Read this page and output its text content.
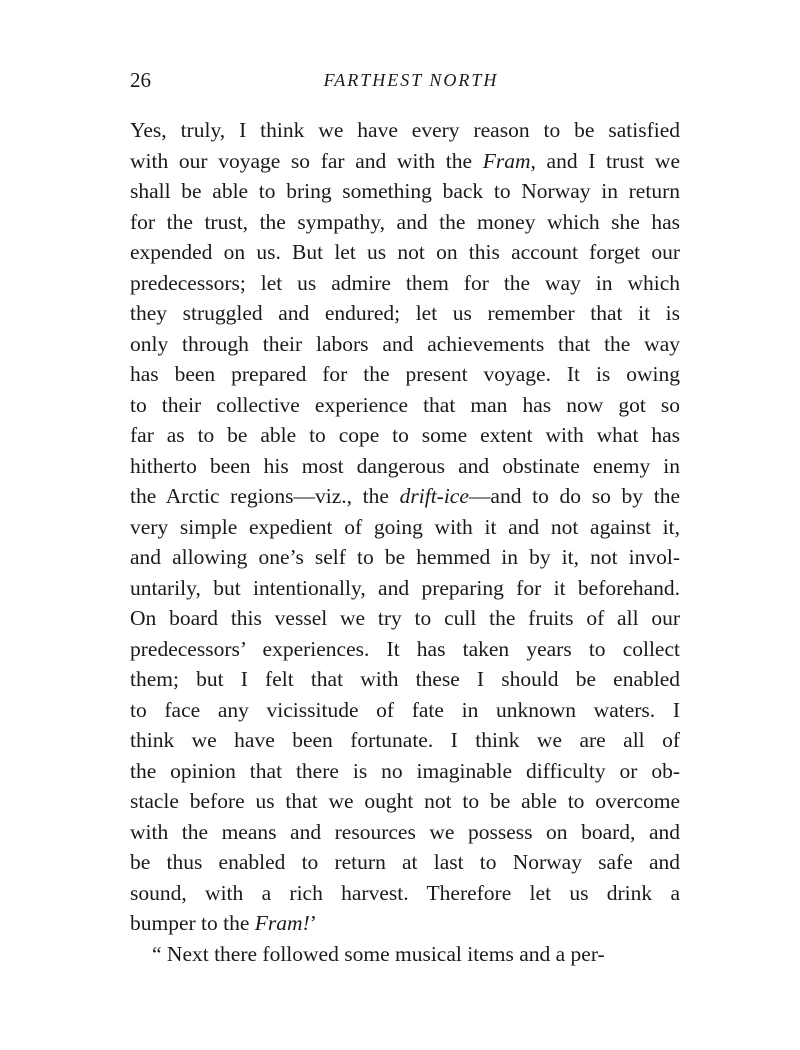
26	FARTHEST NORTH
Yes, truly, I think we have every reason to be satisfied
with our voyage so far and with the Fram, and I trust we
shall be able to bring something back to Norway in return
for the trust, the sympathy, and the money which she has
expended on us. But let us not on this account forget our
predecessors; let us admire them for the way in which
they struggled and endured; let us remember that it is
only through their labors and achievements that the way
has been prepared for the present voyage. It is owing
to their collective experience that man has now got so
far as to be able to cope to some extent with what has
hitherto been his most dangerous and obstinate enemy in
the Arctic regions—viz., the drift-ice—and to do so by the
very simple expedient of going with it and not against it,
and allowing one’s self to be hemmed in by it, not invol-
untarily, but intentionally, and preparing for it beforehand.
On board this vessel we try to cull the fruits of all our
predecessors’ experiences. It has taken years to collect
them; but I felt that with these I should be enabled
to face any vicissitude of fate in unknown waters. I
think we have been fortunate. I think we are all of
the opinion that there is no imaginable difficulty or ob-
stacle before us that we ought not to be able to overcome
with the means and resources we possess on board, and
be thus enabled to return at last to Norway safe and
sound, with a rich harvest. Therefore let us drink a
bumper to the Fram!’
“ Next there followed some musical items and a per-
